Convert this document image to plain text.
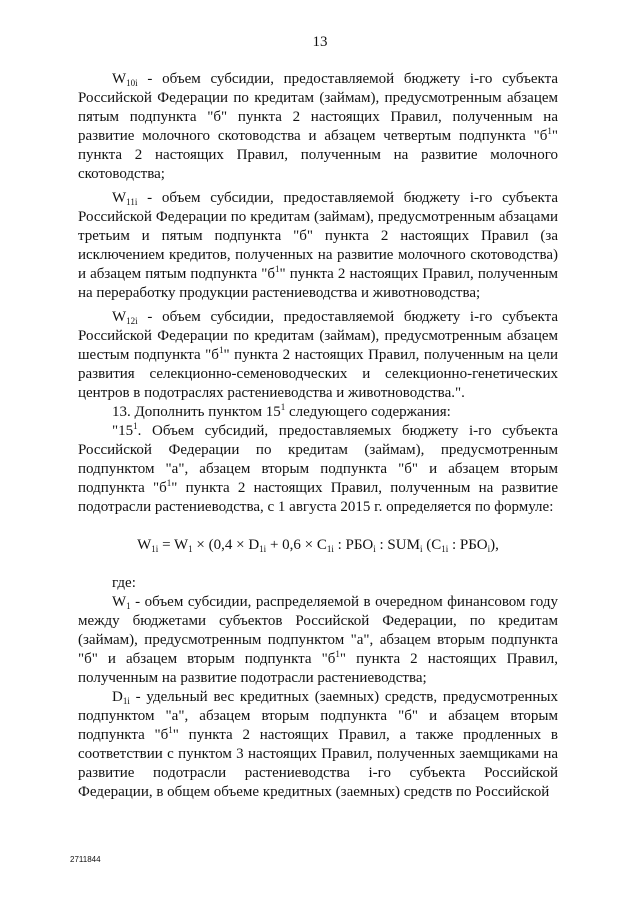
13

$W_{10i}$ - объем субсидии, предоставляемой бюджету i-го субъекта Российской Федерации по кредитам (займам), предусмотренным абзацем пятым подпункта "б" пункта 2 настоящих Правил, полученным на развитие молочного скотоводства и абзацем четвертым подпункта "$б^1$" пункта 2 настоящих Правил, полученным на развитие молочного скотоводства;

$W_{11i}$ - объем субсидии, предоставляемой бюджету i-го субъекта Российской Федерации по кредитам (займам), предусмотренным абзацами третьим и пятым подпункта "б" пункта 2 настоящих Правил (за исключением кредитов, полученных на развитие молочного скотоводства) и абзацем пятым подпункта "$б^1$" пункта 2 настоящих Правил, полученным на переработку продукции растениеводства и животноводства;

$W_{12i}$ - объем субсидии, предоставляемой бюджету i-го субъекта Российской Федерации по кредитам (займам), предусмотренным абзацем шестым подпункта "$б^1$" пункта 2 настоящих Правил, полученным на цели развития селекционно-семеноводческих и селекционно-генетических центров в подотраслях растениеводства и животноводства.".

13. Дополнить пунктом $15^1$ следующего содержания:

"$15^1$. Объем субсидий, предоставляемых бюджету i-го субъекта Российской Федерации по кредитам (займам), предусмотренным подпунктом "а", абзацем вторым подпункта "б" и абзацем вторым подпункта "$б^1$" пункта 2 настоящих Правил, полученным на развитие подотрасли растениеводства, с 1 августа 2015 г. определяется по формуле:

$W_{1i} = W_1 \times (0,4 \times D_{1i} + 0,6 \times C_{1i}$ : $РБО_i$ : $SUM_i$ ($C_{1i}$ : $РБО_i$),

где:

$W_1$ - объем субсидии, распределяемой в очередном финансовом году между бюджетами субъектов Российской Федерации, по кредитам (займам), предусмотренным подпунктом "а", абзацем вторым подпункта "б" и абзацем вторым подпункта "$б^1$" пункта 2 настоящих Правил, полученным на развитие подотрасли растениеводства;

$D_{1i}$ - удельный вес кредитных (заемных) средств, предусмотренных подпунктом "а", абзацем вторым подпункта "б" и абзацем вторым подпункта "$б^1$" пункта 2 настоящих Правил, а также продленных в соответствии с пунктом 3 настоящих Правил, полученных заемщиками на развитие подотрасли растениеводства i-го субъекта Российской Федерации, в общем объеме кредитных (заемных) средств по Российской

2711844
